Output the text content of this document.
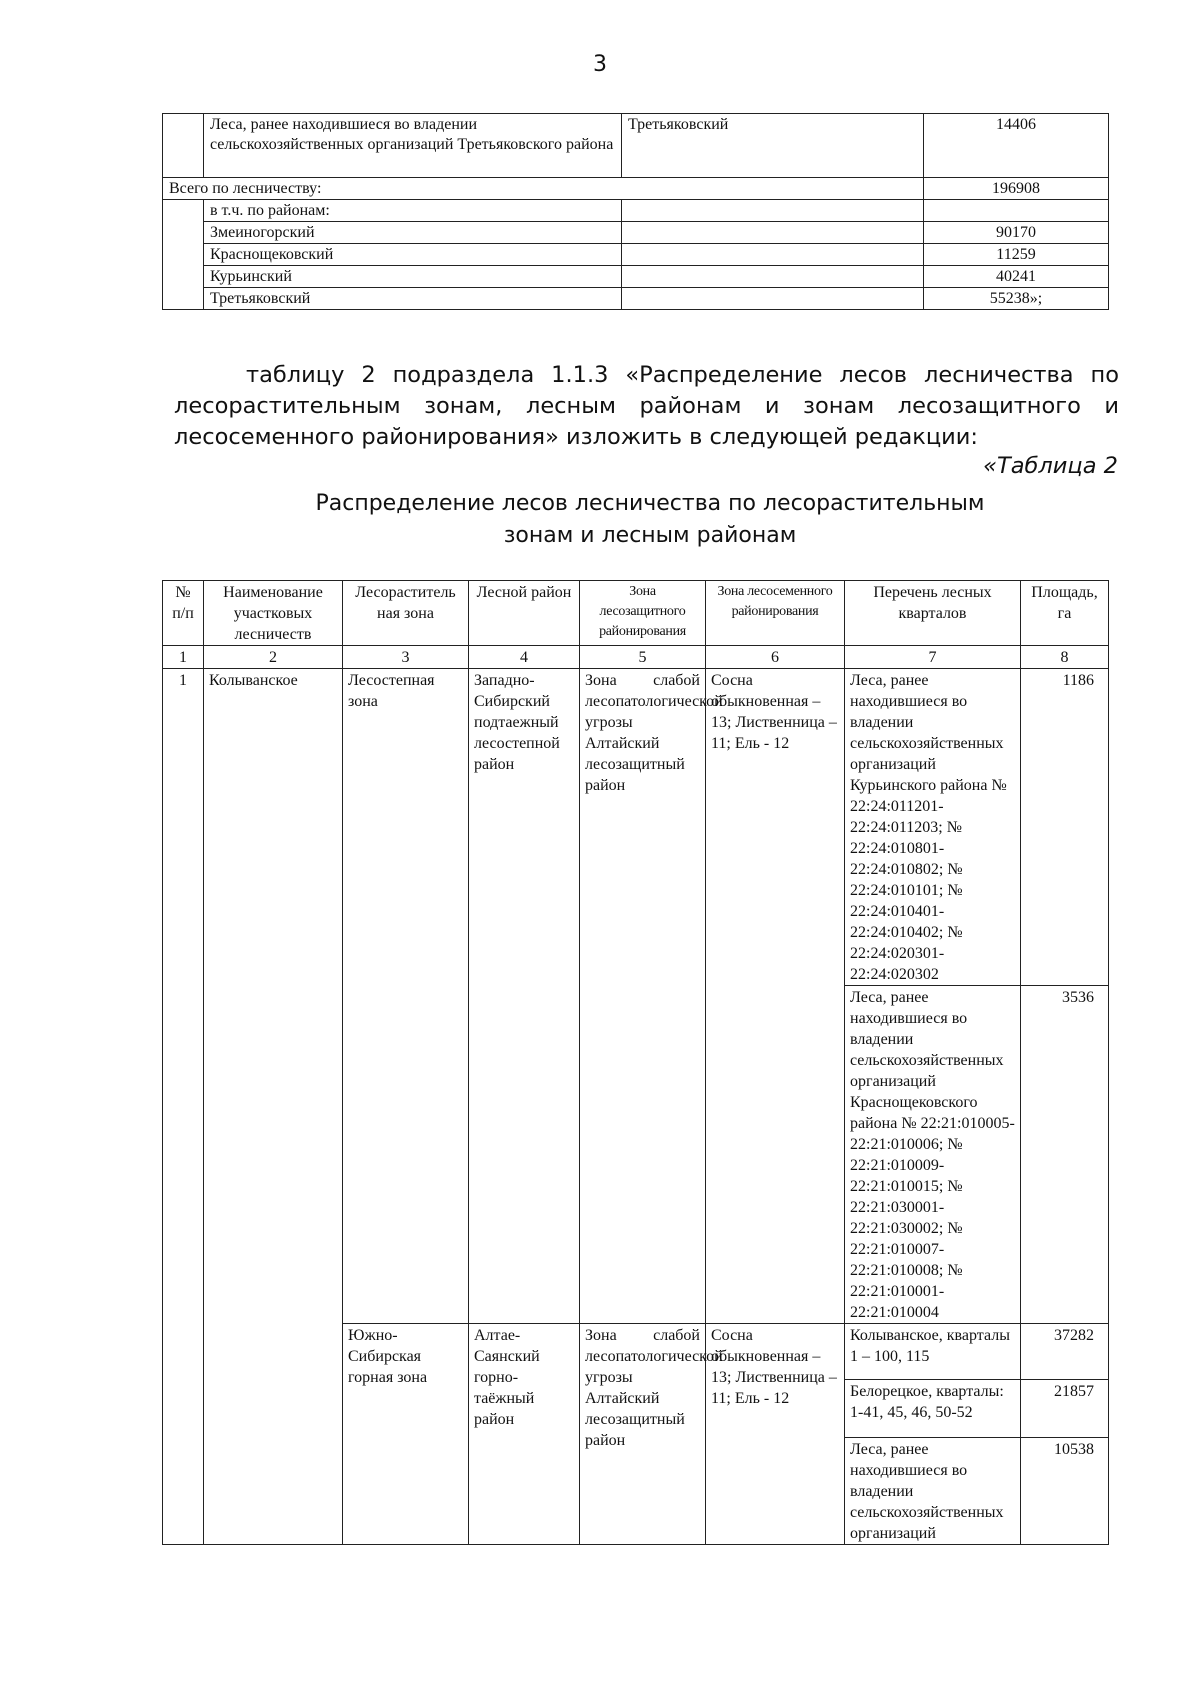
3
	Леса, ранее находившиеся во владении сельскохозяйственных организаций Третьяковского района	Третьяковский	14406
Всего по лесничеству:			196908
	в т.ч. по районам:		
	Змеиногорский		90170
	Краснощековский		11259
	Курьинский		40241
	Третьяковский		55238»;
таблицу 2 подраздела 1.1.3 «Распределение лесов лесничества по лесорастительным зонам, лесным районам и зонам лесозащитного и лесосеменного районирования» изложить в следующей редакции:
«Таблица 2
Распределение лесов лесничества по лесорастительным
зонам и лесным районам
№ п/п	Наименование участковых лесничеств	Лесораститель ная зона	Лесной район	Зона лесозащитного районирования	Зона лесосеменного районирования	Перечень лесных кварталов	Площадь, га
1	2	3	4	5	6	7	8
1	Колыванское	Лесостепная зона	Западно-Сибирский подтаежный лесостепной район	Зона слабой лесопатологической угрозы Алтайский лесозащитный район	Сосна обыкновенная – 13; Лиственница – 11; Ель - 12	Леса, ранее находившиеся во владении сельскохозяйственных организаций Курьинского района № 22:24:011201-22:24:011203; № 22:24:010801-22:24:010802; № 22:24:010101; № 22:24:010401-22:24:010402; № 22:24:020301-22:24:020302	1186
						Леса, ранее находившиеся во владении сельскохозяйственных организаций Краснощековского района № 22:21:010005-22:21:010006; № 22:21:010009-22:21:010015; № 22:21:030001-22:21:030002; № 22:21:010007-22:21:010008; № 22:21:010001-22:21:010004	3536
		Южно-Сибирская горная зона	Алтае-Саянский горно-таёжный район	Зона слабой лесопатологической угрозы Алтайский лесозащитный район	Сосна обыкновенная – 13; Лиственница – 11; Ель - 12	Колыванское, кварталы 1 – 100, 115	37282
						Белорецкое, кварталы: 1-41, 45, 46, 50-52	21857
						Леса, ранее находившиеся во владении сельскохозяйственных организаций	10538
